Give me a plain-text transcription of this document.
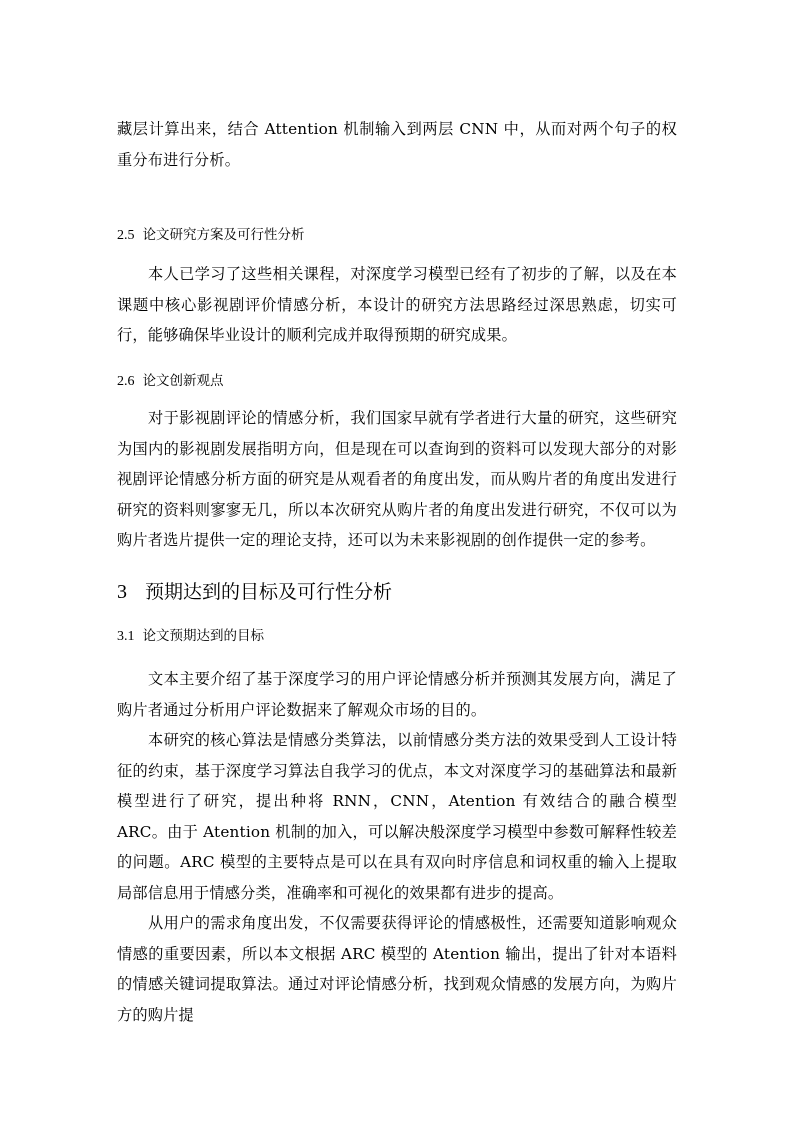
藏层计算出来，结合 Attention 机制输入到两层 CNN 中，从而对两个句子的权重分布进行分析。

2.5 论文研究方案及可行性分析

本人已学习了这些相关课程，对深度学习模型已经有了初步的了解，以及在本课题中核心影视剧评价情感分析，本设计的研究方法思路经过深思熟虑，切实可行，能够确保毕业设计的顺利完成并取得预期的研究成果。

2.6 论文创新观点

对于影视剧评论的情感分析，我们国家早就有学者进行大量的研究，这些研究为国内的影视剧发展指明方向，但是现在可以查询到的资料可以发现大部分的对影视剧评论情感分析方面的研究是从观看者的角度出发，而从购片者的角度出发进行研究的资料则寥寥无几，所以本次研究从购片者的角度出发进行研究，不仅可以为购片者选片提供一定的理论支持，还可以为未来影视剧的创作提供一定的参考。

3 预期达到的目标及可行性分析

3.1 论文预期达到的目标

文本主要介绍了基于深度学习的用户评论情感分析并预测其发展方向，满足了购片者通过分析用户评论数据来了解观众市场的目的。

本研究的核心算法是情感分类算法，以前情感分类方法的效果受到人工设计特征的约束，基于深度学习算法自我学习的优点，本文对深度学习的基础算法和最新模型进行了研究，提出种将 RNN，CNN，Atention 有效结合的融合模型 ARC。由于 Atention 机制的加入，可以解决般深度学习模型中参数可解释性较差的问题。ARC 模型的主要特点是可以在具有双向时序信息和词权重的输入上提取局部信息用于情感分类，准确率和可视化的效果都有进步的提高。

从用户的需求角度出发，不仅需要获得评论的情感极性，还需要知道影响观众情感的重要因素，所以本文根据 ARC 模型的 Atention 输出，提出了针对本语料的情感关键词提取算法。通过对评论情感分析，找到观众情感的发展方向，为购片方的购片提
